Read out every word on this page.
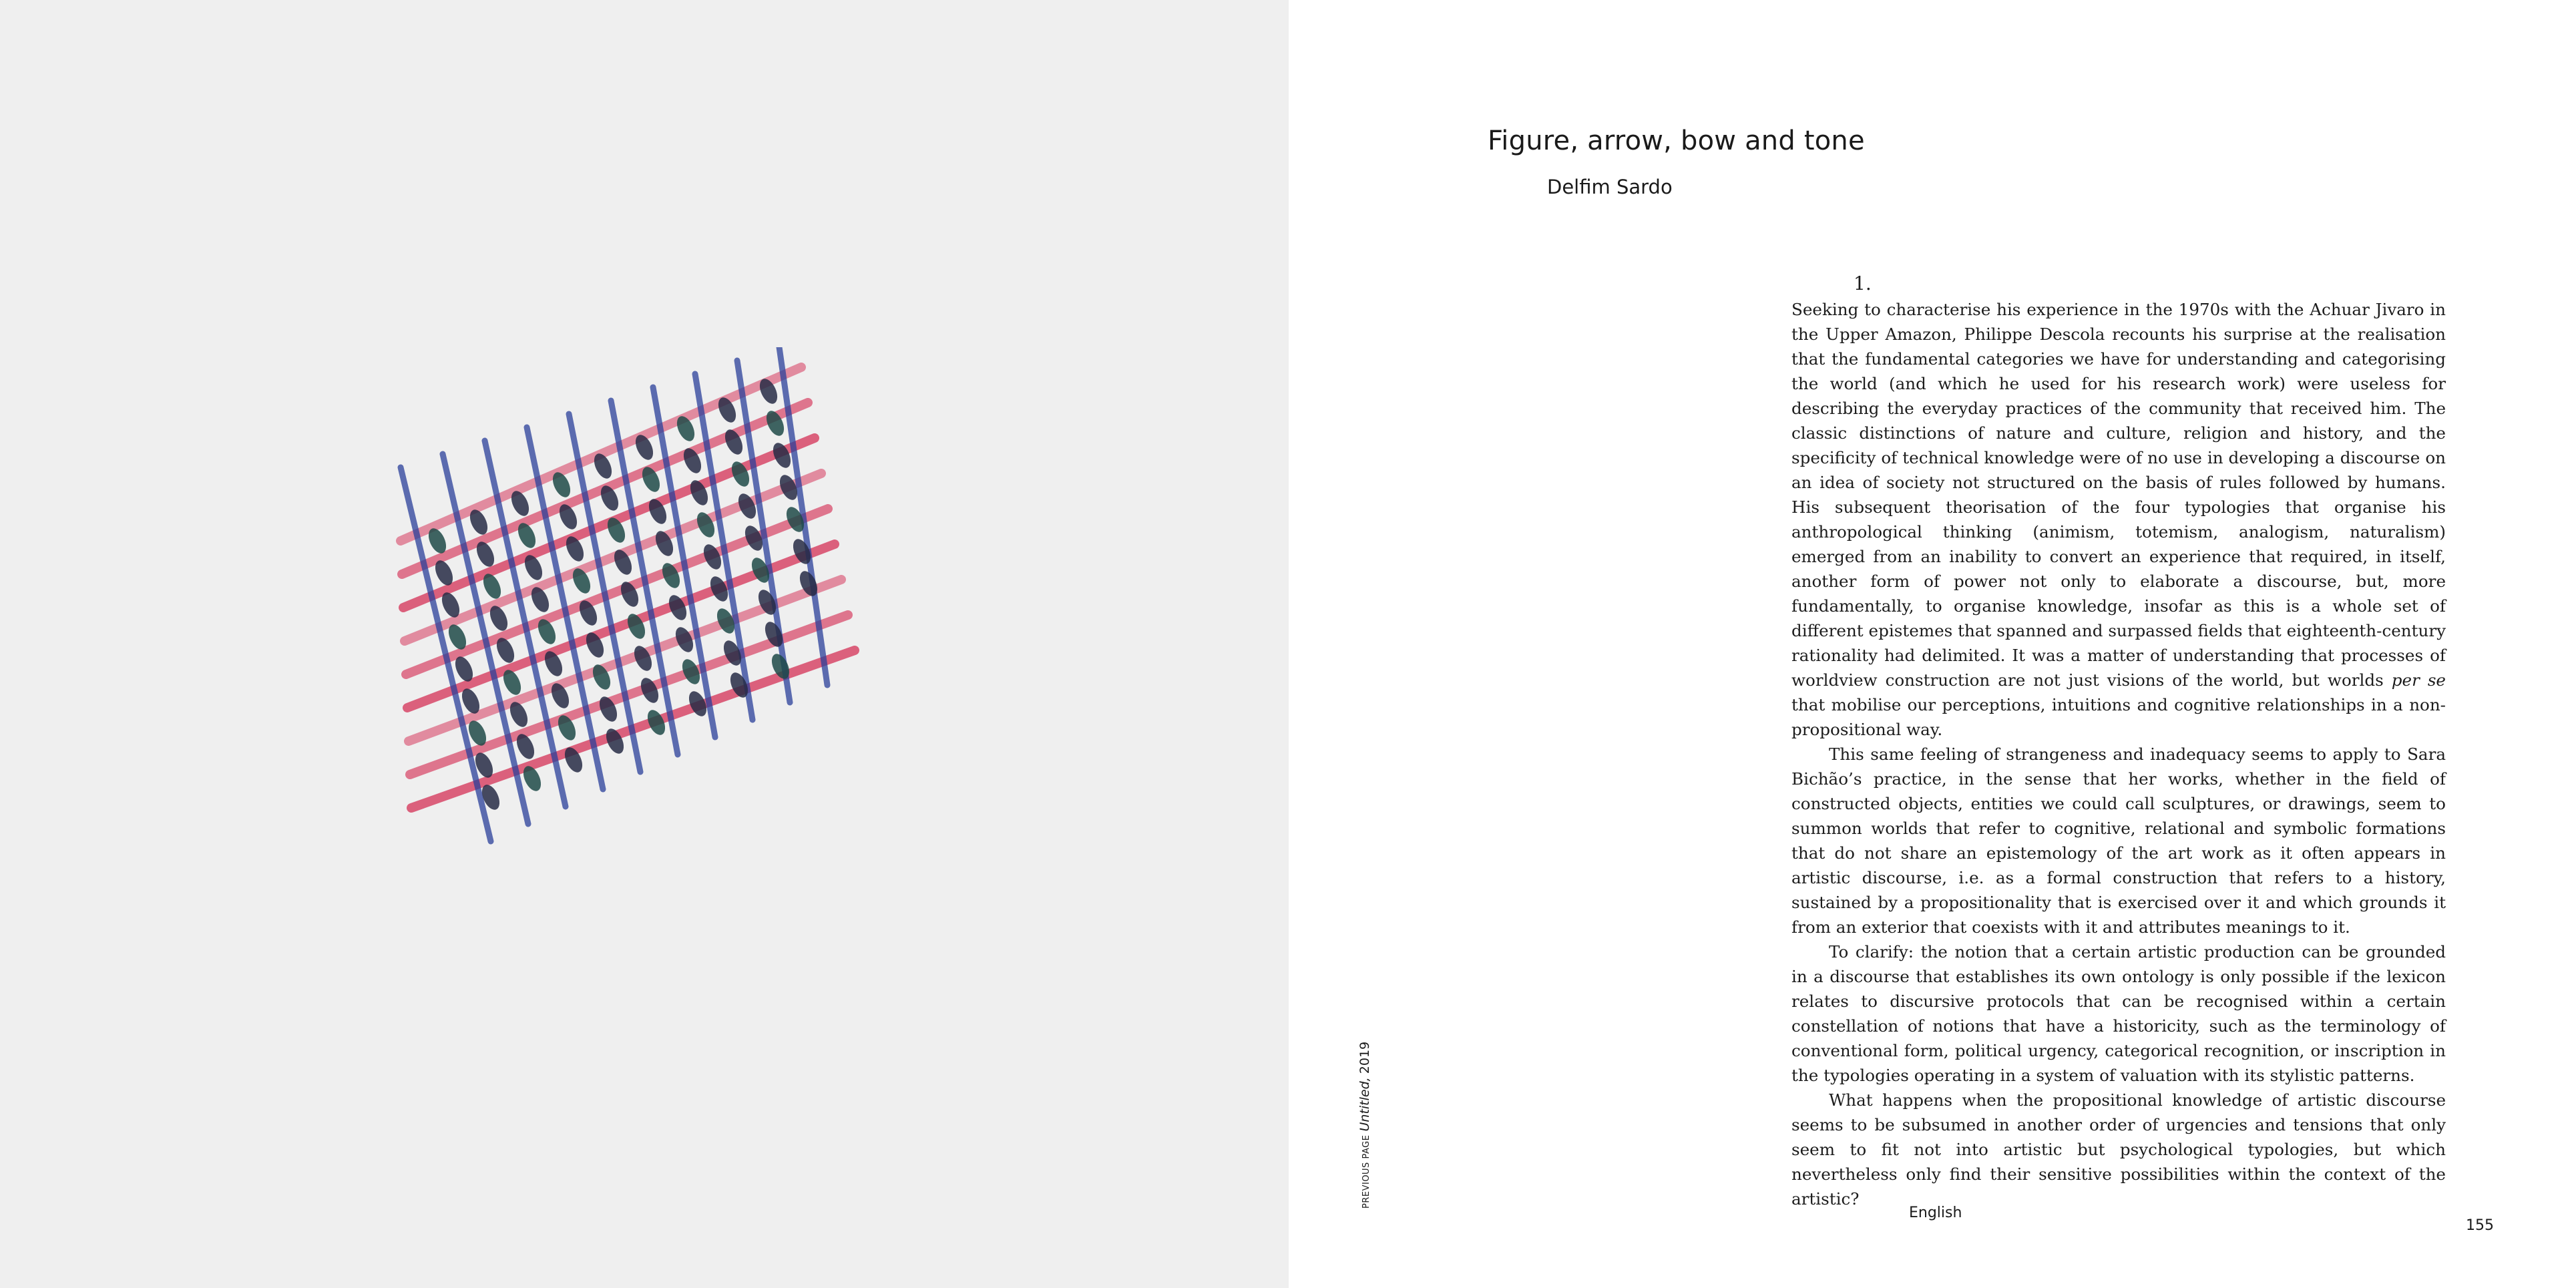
Figure, arrow, bow and tone
Delfim Sardo
1.

Seeking to characterise his experience in the 1970s with the Achuar Jivaro in the Upper Amazon, Philippe Descola recounts his surprise at the realisation that the fundamental categories we have for understanding and categorising the world (and which he used for his research work) were useless for describing the everyday practices of the community that received him. The classic distinctions of nature and culture, religion and history, and the specificity of technical knowledge were of no use in developing a discourse on an idea of society not structured on the basis of rules followed by humans. His subsequent theorisation of the four typologies that organise his anthropological thinking (animism, totemism, analogism, naturalism) emerged from an inability to convert an experience that required, in itself, another form of power not only to elaborate a discourse, but, more fundamentally, to organise knowledge, insofar as this is a whole set of different epistemes that spanned and surpassed fields that eighteenth-century rationality had delimited. It was a matter of understanding that processes of worldview construction are not just visions of the world, but worlds per se that mobilise our perceptions, intuitions and cognitive relationships in a non-propositional way.

This same feeling of strangeness and inadequacy seems to apply to Sara Bichão’s practice, in the sense that her works, whether in the field of constructed objects, entities we could call sculptures, or drawings, seem to summon worlds that refer to cognitive, relational and symbolic formations that do not share an epistemology of the art work as it often appears in artistic discourse, i.e. as a formal construction that refers to a history, sustained by a propositionality that is exercised over it and which grounds it from an exterior that coexists with it and attributes meanings to it.

To clarify: the notion that a certain artistic production can be grounded in a discourse that establishes its own ontology is only possible if the lexicon relates to discursive protocols that can be recognised within a certain constellation of notions that have a historicity, such as the terminology of conventional form, political urgency, categorical recognition, or inscription in the typologies operating in a system of valuation with its stylistic patterns.

What happens when the propositional knowledge of artistic discourse seems to be subsumed in another order of urgencies and tensions that only seem to fit not into artistic but psychological typologies, but which nevertheless only find their sensitive possibilities within the context of the artistic?

PREVIOUS PAGE Untitled, 2019
English
155
